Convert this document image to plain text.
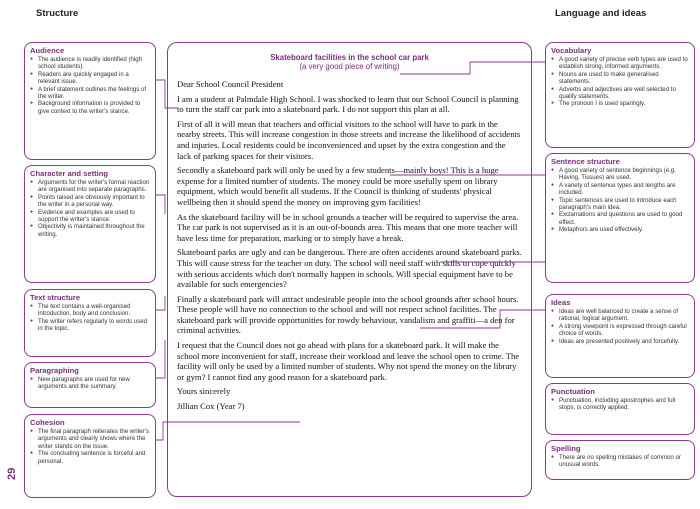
Structure	Language and ideas
29
Audience
● The audience is readily identified (high school students).
● Readers are quickly engaged in a relevant issue.
● A brief statement outlines the feelings of the writer.
● Background information is provided to give context to the writer's stance.
Character and setting
● Arguments for the writer's formal reaction are organised into separate paragraphs.
● Points raised are obviously important to the writer in a personal way.
● Evidence and examples are used to support the writer's stance.
● Objectivity is maintained throughout the writing.
Text structure
● The text contains a well-organised introduction, body and conclusion.
● The writer refers regularly to words used in the topic.
Paragraphing
● New paragraphs are used for new arguments and the summary.
Cohesion
● The final paragraph reiterates the writer's arguments and clearly shows where the writer stands on the issue.
● The concluding sentence is forceful and personal.
Vocabulary
● A good variety of precise verb types are used to establish strong, informed arguments.
● Nouns are used to make generalised statements.
● Adverbs and adjectives are well selected to qualify statements.
● The pronoun I is used sparingly.
Sentence structure
● A good variety of sentence beginnings (e.g. Having, Tissues) are used.
● A variety of sentence types and lengths are included.
● Topic sentences are used to introduce each paragraph's main idea.
● Exclamations and questions are used to good effect.
● Metaphors are used effectively.
Ideas
● Ideas are well balanced to create a sense of rational, logical argument.
● A strong viewpoint is expressed through careful choice of words.
● Ideas are presented positively and forcefully.
Punctuation
● Punctuation, including apostrophes and full stops, is correctly applied.
Spelling
● There are no spelling mistakes of common or unusual words.
Skateboard facilities in the school car park
(a very good piece of writing)

Dear School Council President

I am a student at Palmdale High School. I was shocked to learn that our School Council is planning to turn the staff car park into a skateboard park. I do not support this plan at all.

First of all it will mean that teachers and official visitors to the school will have to park in the nearby streets. This will increase congestion in those streets and increase the likelihood of accidents and injuries. Local residents could be inconvenienced and upset by the extra congestion and the lack of parking spaces for their visitors.

Secondly a skateboard park will only be used by a few students—mainly boys! This is a huge expense for a limited number of students. The money could be more usefully spent on library equipment, which would benefit all students. If the Council is thinking of students' physical wellbeing then it should spend the money on improving gym facilities!

As the skateboard facility will be in school grounds a teacher will be required to supervise the area. The car park is not supervised as it is an out-of-bounds area. This means that one more teacher will have less time for preparation, marking or to simply have a break.

Skateboard parks are ugly and can be dangerous. There are often accidents around skateboard parks. This will cause stress for the teacher on duty. The school will need staff with skills to cope quickly with serious accidents which don't normally happen in schools. Will special equipment have to be available for such emergencies?

Finally a skateboard park will attract undesirable people into the school grounds after school hours. These people will have no connection to the school and will not respect school facilities. The skateboard park will provide opportunities for rowdy behaviour, vandalism and graffiti—a den for criminal activities.

I request that the Council does not go ahead with plans for a skateboard park. It will make the school more inconvenient for staff, increase their workload and leave the school open to crime. The facility will only be used by a limited number of students. Why not spend the money on the library or gym? I cannot find any good reason for a skateboard park.

Yours sincerely

Jillian Cox (Year 7)
